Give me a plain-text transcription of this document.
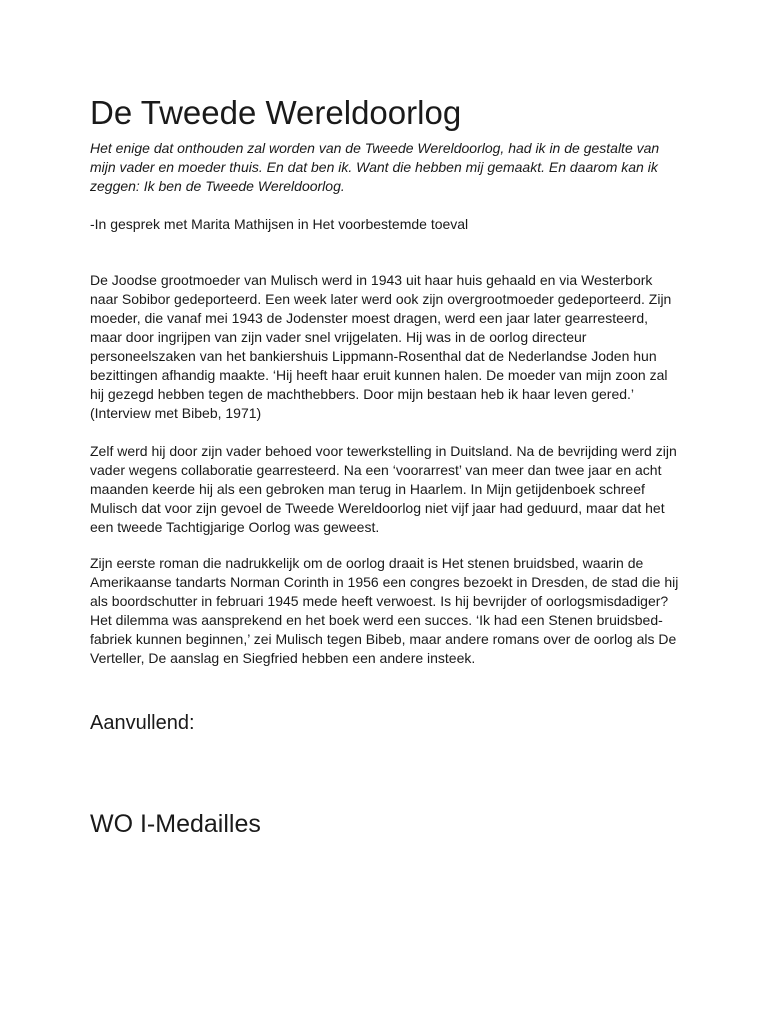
De Tweede Wereldoorlog

Het enige dat onthouden zal worden van de Tweede Wereldoorlog, had ik in de gestalte van mijn vader en moeder thuis. En dat ben ik. Want die hebben mij gemaakt. En daarom kan ik zeggen: Ik ben de Tweede Wereldoorlog.

-In gesprek met Marita Mathijsen in Het voorbestemde toeval

De Joodse grootmoeder van Mulisch werd in 1943 uit haar huis gehaald en via Westerbork naar Sobibor gedeporteerd. Een week later werd ook zijn overgrootmoeder gedeporteerd. Zijn moeder, die vanaf mei 1943 de Jodenster moest dragen, werd een jaar later gearresteerd, maar door ingrijpen van zijn vader snel vrijgelaten. Hij was in de oorlog directeur personeelszaken van het bankiershuis Lippmann-Rosenthal dat de Nederlandse Joden hun bezittingen afhandig maakte. ‘Hij heeft haar eruit kunnen halen. De moeder van mijn zoon zal hij gezegd hebben tegen de machthebbers. Door mijn bestaan heb ik haar leven gered.’ (Interview met Bibeb, 1971)

Zelf werd hij door zijn vader behoed voor tewerkstelling in Duitsland. Na de bevrijding werd zijn vader wegens collaboratie gearresteerd. Na een ‘voorarrest’ van meer dan twee jaar en acht maanden keerde hij als een gebroken man terug in Haarlem. In Mijn getijdenboek schreef Mulisch dat voor zijn gevoel de Tweede Wereldoorlog niet vijf jaar had geduurd, maar dat het een tweede Tachtigjarige Oorlog was geweest.

Zijn eerste roman die nadrukkelijk om de oorlog draait is Het stenen bruidsbed, waarin de Amerikaanse tandarts Norman Corinth in 1956 een congres bezoekt in Dresden, de stad die hij als boordschutter in februari 1945 mede heeft verwoest. Is hij bevrijder of oorlogsmisdadiger? Het dilemma was aansprekend en het boek werd een succes. ‘Ik had een Stenen bruidsbed-fabriek kunnen beginnen,’ zei Mulisch tegen Bibeb, maar andere romans over de oorlog als De Verteller, De aanslag en Siegfried hebben een andere insteek.

Aanvullend:
WO I-Medailles
